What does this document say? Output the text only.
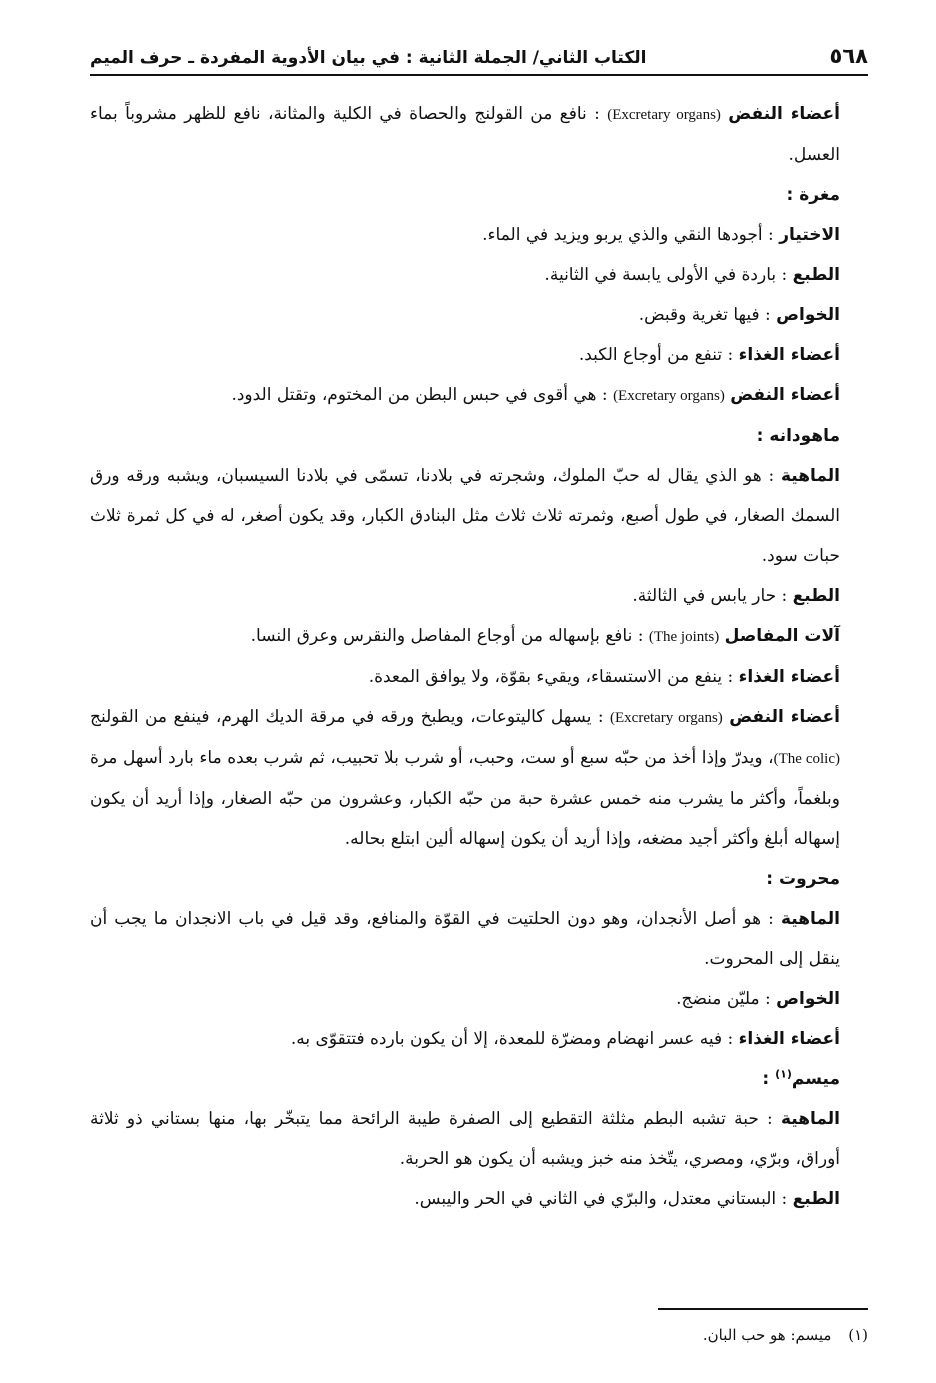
٥٦٨
الكتاب الثاني/ الجملة الثانية : في بيان الأدوية المفردة ـ حرف الميم

أعضاء النفض (Excretary organs) : نافع من القولنج والحصاة في الكلية والمثانة، نافع للظهر مشروباً بماء العسل.

مغرة :

الاختيار : أجودها النقي والذي يربو ويزيد في الماء.

الطبع : باردة في الأولى يابسة في الثانية.

الخواص : فيها تغرية وقبض.

أعضاء الغذاء : تنفع من أوجاع الكبد.

أعضاء النفض (Excretary organs) : هي أقوى في حبس البطن من المختوم، وتقتل الدود.

ماهودانه :

الماهية : هو الذي يقال له حبّ الملوك، وشجرته في بلادنا، تسمّى في بلادنا السيسبان، ويشبه ورقه ورق السمك الصغار، في طول أصبع، وثمرته ثلاث ثلاث مثل البنادق الكبار، وقد يكون أصغر، له في كل ثمرة ثلاث حبات سود.

الطبع : حار يابس في الثالثة.

آلات المفاصل (The joints) : نافع بإسهاله من أوجاع المفاصل والنقرس وعرق النسا.

أعضاء الغذاء : ينفع من الاستسقاء، ويقيء بقوّة، ولا يوافق المعدة.

أعضاء النفض (Excretary organs) : يسهل كاليتوعات، ويطبخ ورقه في مرقة الديك الهرم، فينفع من القولنج (The colic)، ويدرّ وإذا أخذ من حبّه سبع أو ست، وحبب، أو شرب بلا تحبيب، ثم شرب بعده ماء بارد أسهل مرة وبلغماً، وأكثر ما يشرب منه خمس عشرة حبة من حبّه الكبار، وعشرون من حبّه الصغار، وإذا أريد أن يكون إسهاله أبلغ وأكثر أجيد مضغه، وإذا أريد أن يكون إسهاله ألين ابتلع بحاله.

محروت :

الماهية : هو أصل الأنجدان، وهو دون الحلتيت في القوّة والمنافع، وقد قيل في باب الانجدان ما يجب أن ينقل إلى المحروت.

الخواص : مليّن منضج.

أعضاء الغذاء : فيه عسر انهضام ومضرّة للمعدة، إلا أن يكون بارده فتتقوّى به.

ميسم$^{(١)}$ :

الماهية : حبة تشبه البطم مثلثة التقطيع إلى الصفرة طيبة الرائحة مما يتبخّر بها، منها بستاني ذو ثلاثة أوراق، وبرّي، ومصري، يتّخذ منه خبز ويشبه أن يكون هو الحربة.

الطبع : البستاني معتدل، والبرّي في الثاني في الحر واليبس.

(١) ميسم: هو حب البان.
